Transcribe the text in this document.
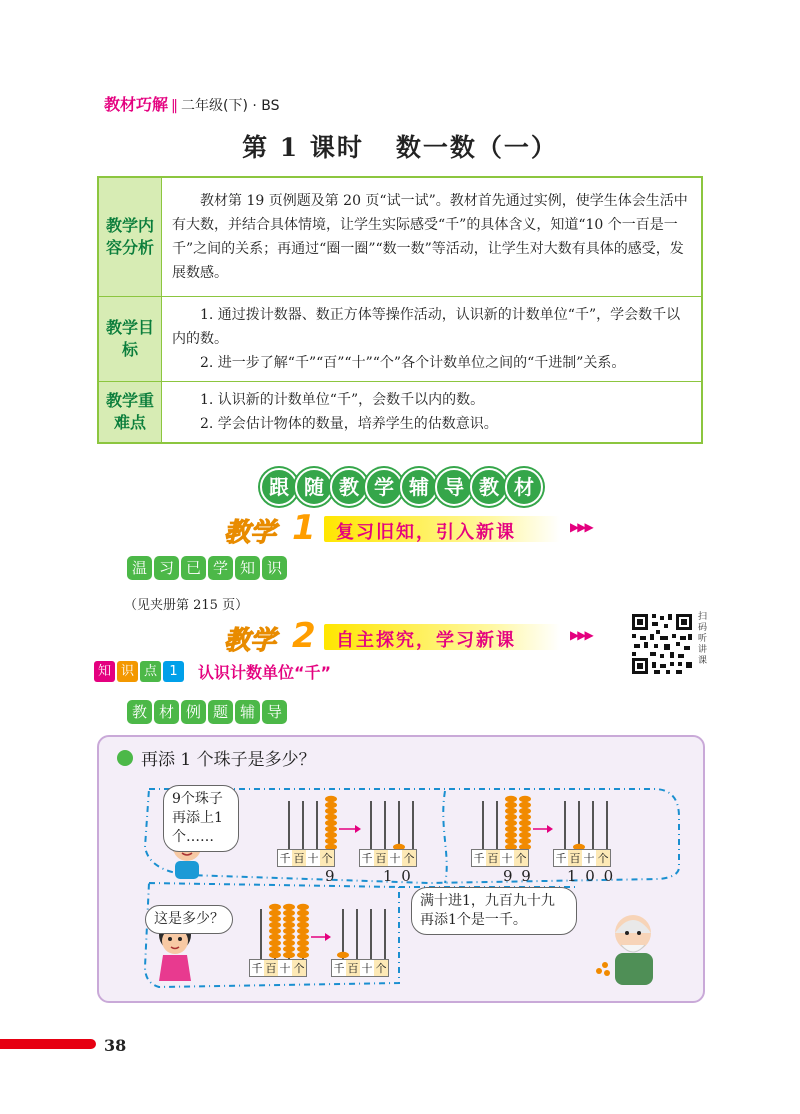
教材巧解 ‖ 二年级(下) · BS
第 1 课时 数一数（一）
教学内容分析	教材第 19 页例题及第 20 页“试一试”。教材首先通过实例，使学生体会生活中有大数，并结合具体情境，让学生实际感受“千”的具体含义，知道“10 个一百是一千”之间的关系；再通过“圈一圈”“数一数”等活动，让学生对大数有具体的感受，发展数感。

教学目标	1. 通过拨计数器、数正方体等操作活动，认识新的计数单位“千”，学会数千以内的数。

2. 进一步了解“千”“百”“十”“个”各个计数单位之间的“千进制”关系。

教学重难点	1. 认识新的计数单位“千”，会数千以内的数。

2. 学会估计物体的数量，培养学生的估数意识。

跟 随 教 学 辅 导 教 材
教学 1 复习旧知，引入新课	▶▶▶
温 习 已 学 知 识
（见夹册第 215 页）
教学 2 自主探究，学习新课	▶▶▶
扫码听讲课
知 识 点 1	认识计数单位“千”
教 材 例 题 辅 导
再添 1 个珠子是多少？
千 百 十 个	千 百 十 个	千 百 十 个	千 百 十 个
千 百 十 个	千 百 十 个
9	1 0	9 9 1 0 0
9个珠子再添上1个……
这是多少？
满十进1，九百九十九再添1个是一千。
38
